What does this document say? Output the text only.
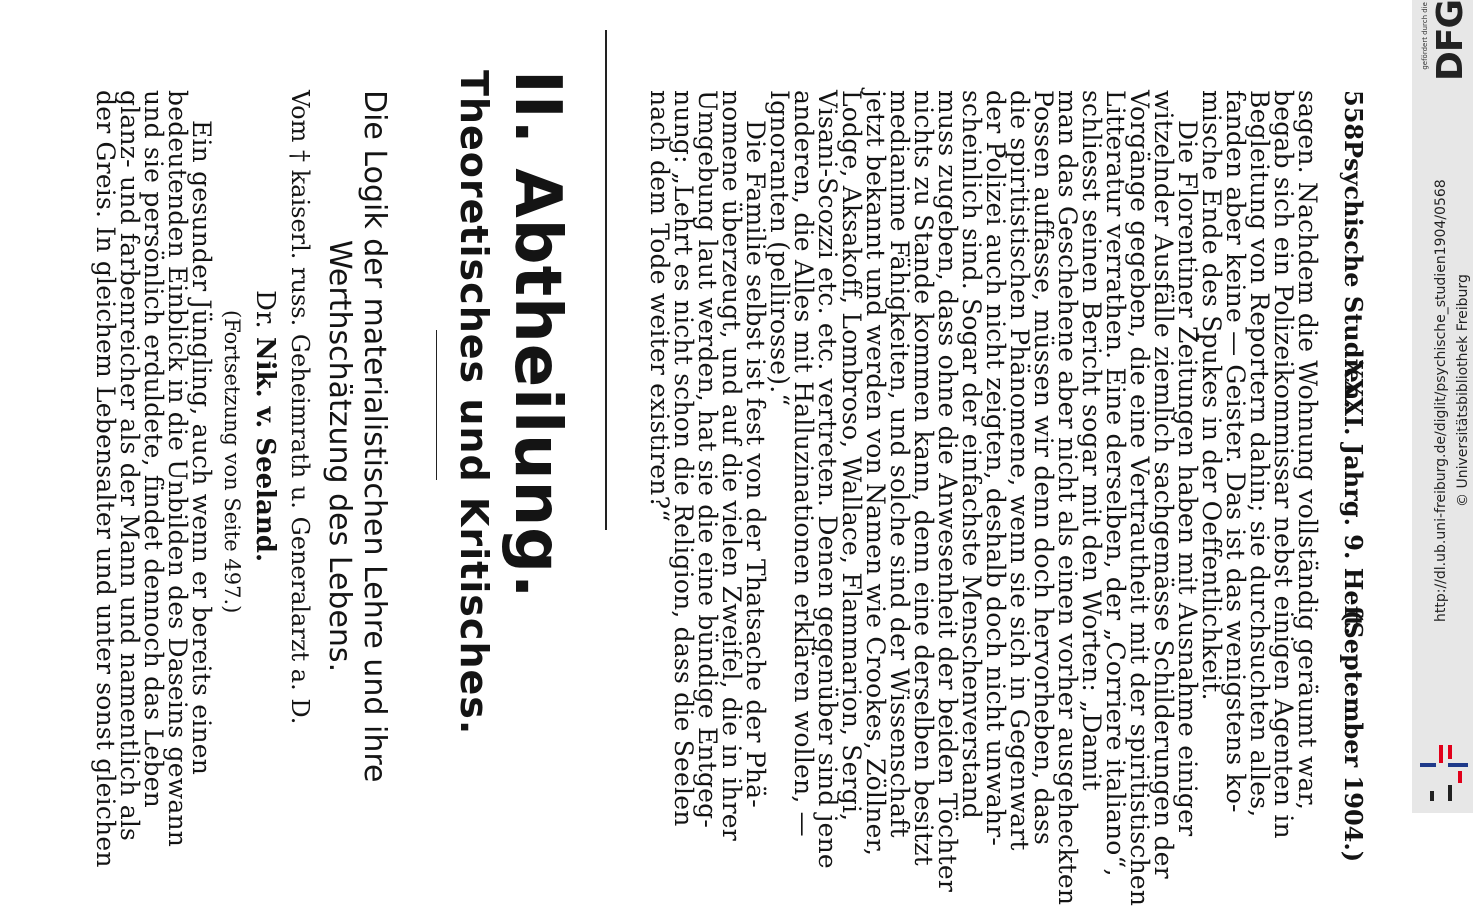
558
Psychische Studien.
XXXI. Jahrg. 9. Heft.
(September 1904.)
sagen. Nachdem die Wohnung vollständig geräumt war,
begab sich ein Polizeikommissar nebst einigen Agenten in
Begleitung von Reportern dahin; sie durchsuchten alles,
fanden aber keine — Geister. Das ist das wenigstens ko-
mische Ende des Spukes in der Oeffentlichkeit.
Die Florentiner Zeitungen haben mit Ausnahme einiger
witzelnder Ausfälle ziemlich sachgemässe Schilderungen der
Vorgänge gegeben, die eine Vertrautheit mit der spiritistischen
Litteratur verrathen. Eine derselben, der „Corriere italiano“,
schliesst seinen Bericht sogar mit den Worten: „Damit
man das Geschehene aber nicht als einen vorher ausgeheckten
Possen auffasse, müssen wir denn doch hervorheben, dass
die spiritistischen Phänomene, wenn sie sich in Gegenwart
der Polizei auch nicht zeigten, deshalb doch nicht unwahr-
scheinlich sind. Sogar der einfachste Menschenverstand
muss zugeben, dass ohne die Anwesenheit der beiden Töchter
nichts zu Stande kommen kann, denn eine derselben besitzt
medianime Fähigkeiten, und solche sind der Wissenschaft
jetzt bekannt und werden von Namen wie Crookes, Zöllner,
Lodge, Aksakoff, Lombroso, Wallace, Flammarion, Sergi,
Visani-Scozzi etc. etc. vertreten. Denen gegenüber sind jene
anderen, die Alles mit Halluzinationen erklären wollen, —
Ignoranten (pellirosse).“
Die Familie selbst ist fest von der Thatsache der Phä-
nomene überzeugt, und auf die vielen Zweifel, die in ihrer
Umgebung laut werden, hat sie die eine bündige Entgeg-
nung: „Lehrt es nicht schon die Religion, dass die Seelen
nach dem Tode weiter existiren?“
II. Abtheilung.
Theoretisches und Kritisches.
Die Logik der materialistischen Lehre und ihre
Werthschätzung des Lebens.
Vom † kaiserl. russ. Geheimrath u. Generalarzt a. D.
Dr. Nik. v. Seeland.
(Fortsetzung von Seite 497.)
Ein gesunder Jüngling, auch wenn er bereits einen
bedeutenden Einblick in die Unbilden des Daseins gewann
und sie persönlich erduldete, findet dennoch das Leben
glanz- und farbenreicher als der Mann und namentlich als
der Greis. In gleichem Lebensalter und unter sonst gleichen
gefördert durch die DFG
http://dl.ub.uni-freiburg.de/diglit/psychische_studien1904/0568 © Universitätsbibliothek Freiburg
